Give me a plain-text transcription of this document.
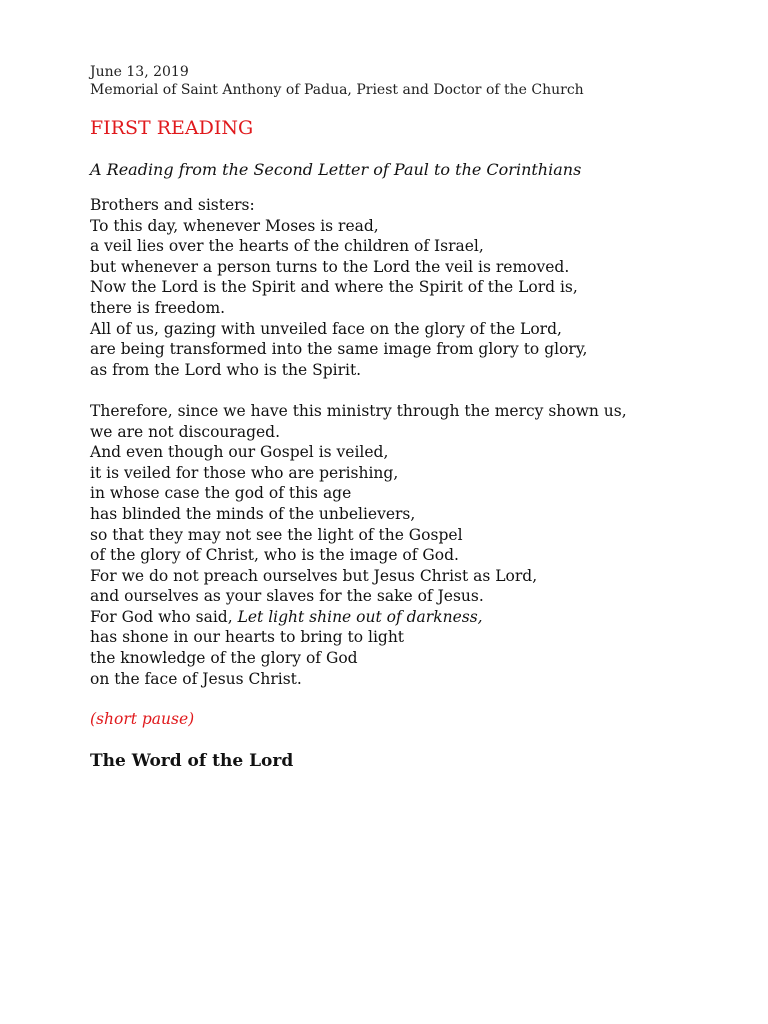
June 13, 2019
Memorial of Saint Anthony of Padua, Priest and Doctor of the Church
FIRST READING
A Reading from the Second Letter of Paul to the Corinthians
Brothers and sisters:
To this day, whenever Moses is read,
a veil lies over the hearts of the children of Israel,
but whenever a person turns to the Lord the veil is removed.
Now the Lord is the Spirit and where the Spirit of the Lord is,
there is freedom.
All of us, gazing with unveiled face on the glory of the Lord,
are being transformed into the same image from glory to glory,
as from the Lord who is the Spirit.
Therefore, since we have this ministry through the mercy shown us,
we are not discouraged.
And even though our Gospel is veiled,
it is veiled for those who are perishing,
in whose case the god of this age
has blinded the minds of the unbelievers,
so that they may not see the light of the Gospel
of the glory of Christ, who is the image of God.
For we do not preach ourselves but Jesus Christ as Lord,
and ourselves as your slaves for the sake of Jesus.
For God who said, Let light shine out of darkness,
has shone in our hearts to bring to light
the knowledge of the glory of God
on the face of Jesus Christ.
(short pause)
The Word of the Lord
